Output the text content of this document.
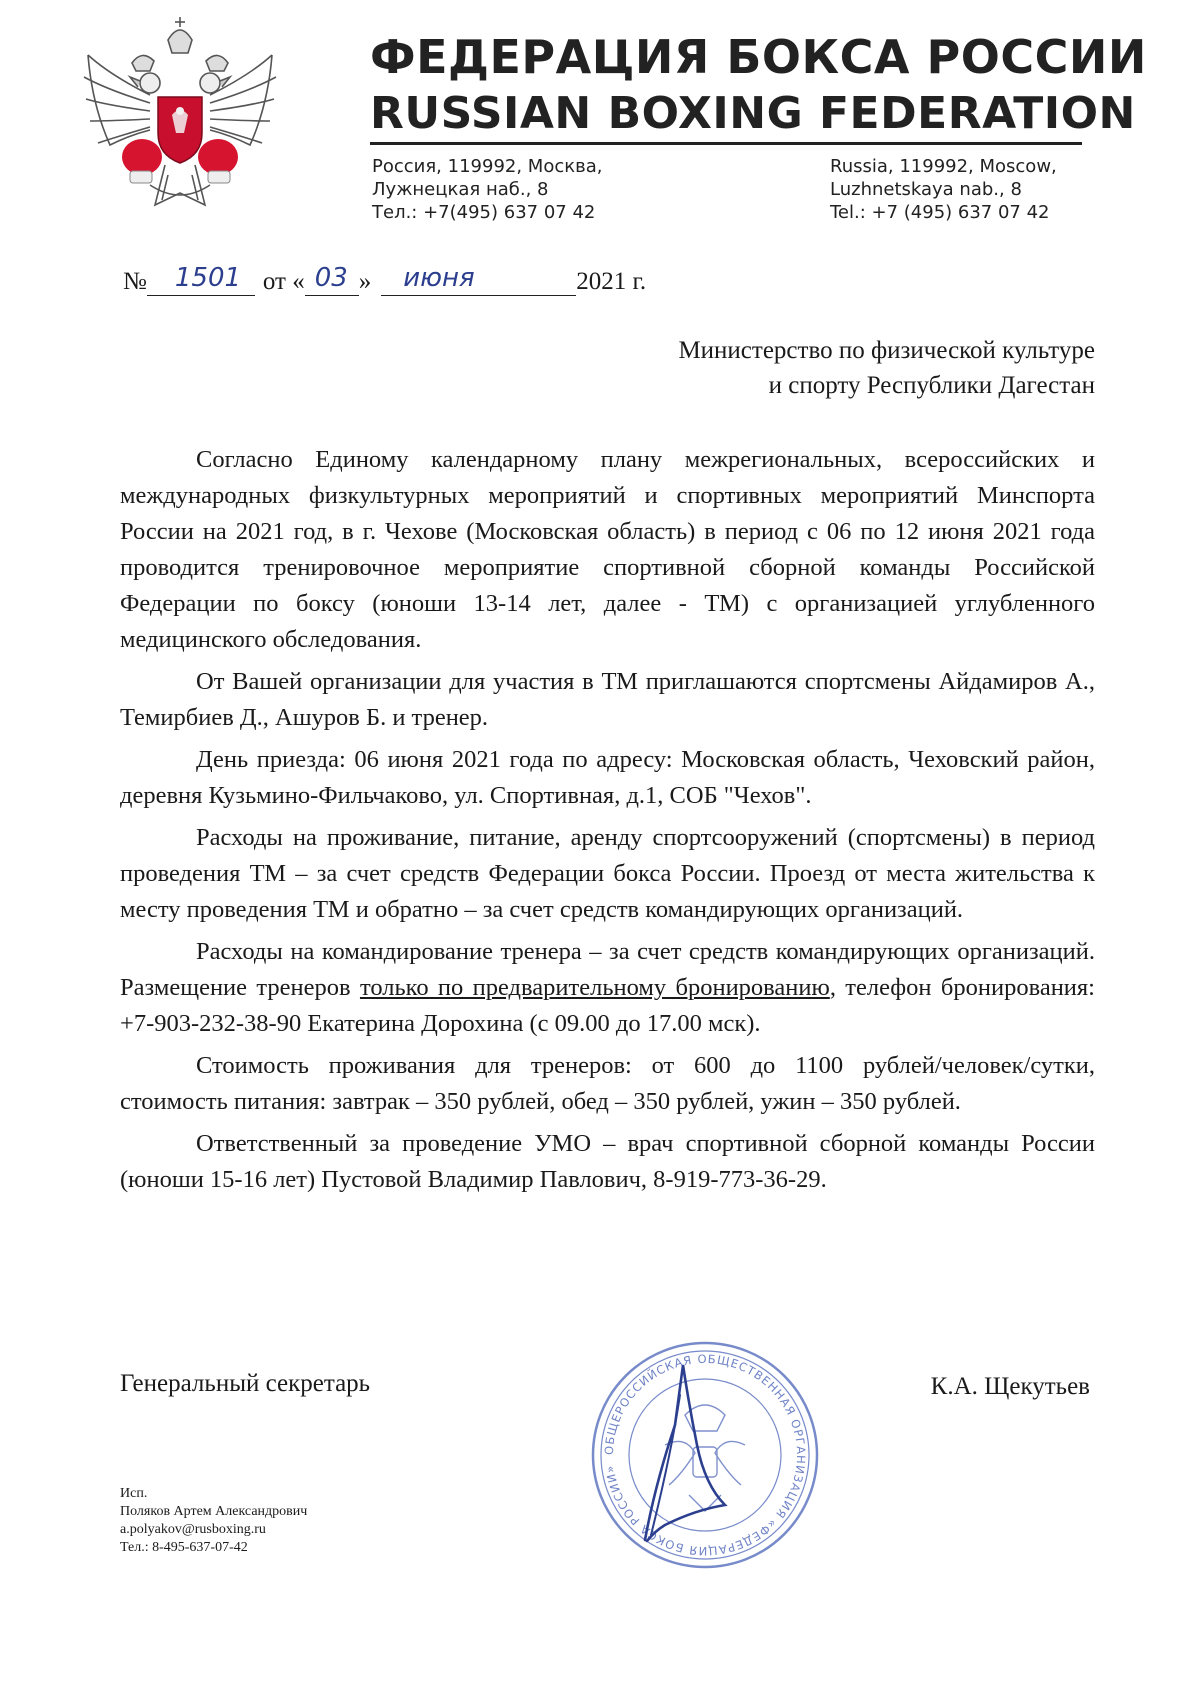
ФЕДЕРАЦИЯ БОКСА РОССИИ
RUSSIAN BOXING FEDERATION
Россия, 119992, Москва,
Лужнецкая наб., 8
Тел.: +7(495) 637 07 42
Russia, 119992, Moscow,
Luzhnetskaya nab., 8
Tel.: +7 (495) 637 07 42
№ 1501 от « 03 » июня	2021 г.
Министерство по физической культуре
и спорту Республики Дагестан

Согласно Единому календарному плану межрегиональных, всероссийских и международных физкультурных мероприятий и спортивных мероприятий Минспорта России на 2021 год, в г. Чехове (Московская область) в период с 06 по 12 июня 2021 года проводится тренировочное мероприятие спортивной сборной команды Российской Федерации по боксу (юноши 13-14 лет, далее - ТМ) с организацией углубленного медицинского обследования.

От Вашей организации для участия в ТМ приглашаются спортсмены Айдамиров А., Темирбиев Д., Ашуров Б. и тренер.

День приезда: 06 июня 2021 года по адресу: Московская область, Чеховский район, деревня Кузьмино-Фильчаково, ул. Спортивная, д.1, СОБ "Чехов".

Расходы на проживание, питание, аренду спортсооружений (спортсмены) в период проведения ТМ – за счет средств Федерации бокса России. Проезд от места жительства к месту проведения ТМ и обратно – за счет средств командирующих организаций.

Расходы на командирование тренера – за счет средств командирующих организаций. Размещение тренеров только по предварительному бронированию, телефон бронирования: +7-903-232-38-90 Екатерина Дорохина (с 09.00 до 17.00 мск).

Стоимость проживания для тренеров: от 600 до 1100 рублей/человек/сутки, стоимость питания: завтрак – 350 рублей, обед – 350 рублей, ужин – 350 рублей.

Ответственный за проведение УМО – врач спортивной сборной команды России (юноши 15-16 лет) Пустовой Владимир Павлович, 8-919-773-36-29.

Генеральный секретарь	К.А. Щекутьев
ОБЩЕРОССИЙСКАЯ ОБЩЕСТВЕННАЯ ОРГАНИЗАЦИЯ «ФЕДЕРАЦИЯ БОКСА РОССИИ»
Исп.
Поляков Артем Александрович
a.polyakov@rusboxing.ru
Тел.: 8-495-637-07-42
